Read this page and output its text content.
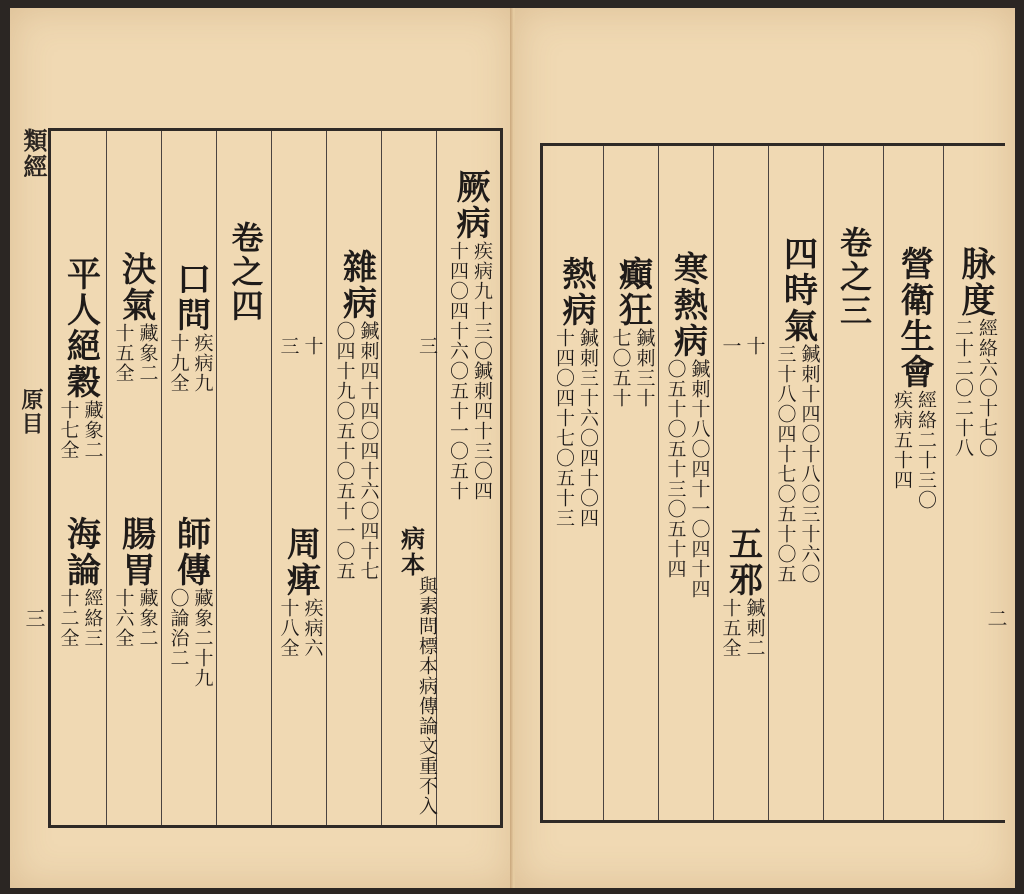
類經
原目
三
厥病
疾病九十三〇鍼刺四十三〇四
十四〇四十六〇五十一〇五十
三
病本
與素問標本病傳論文重不入
雜病
鍼刺四十四〇四十六〇四十七
〇四十九〇五十〇五十一〇五
周痺
疾病六
十八全
十
三
卷之四
口問
疾病九
十九全
師傳
藏象二十九
〇論治二
決氣
藏象二
十五全
腸胃
藏象二
十六全
平人絕穀
藏象二
十七全
海論
經絡三
十二全	二
脉度
經絡六〇十七〇
二十二〇二十八
營衛生會
經絡二十三〇
疾病五十四
卷之三
四時氣
鍼刺十四〇十八〇三十六〇
三十八〇四十七〇五十〇五
十
一
五邪
鍼刺二
十五全
寒熱病
鍼刺十八〇四十一〇四十四
〇五十〇五十三〇五十四
癲狂
鍼刺三十
七〇五十
熱病
鍼刺三十六〇四十〇四
十四〇四十七〇五十三
